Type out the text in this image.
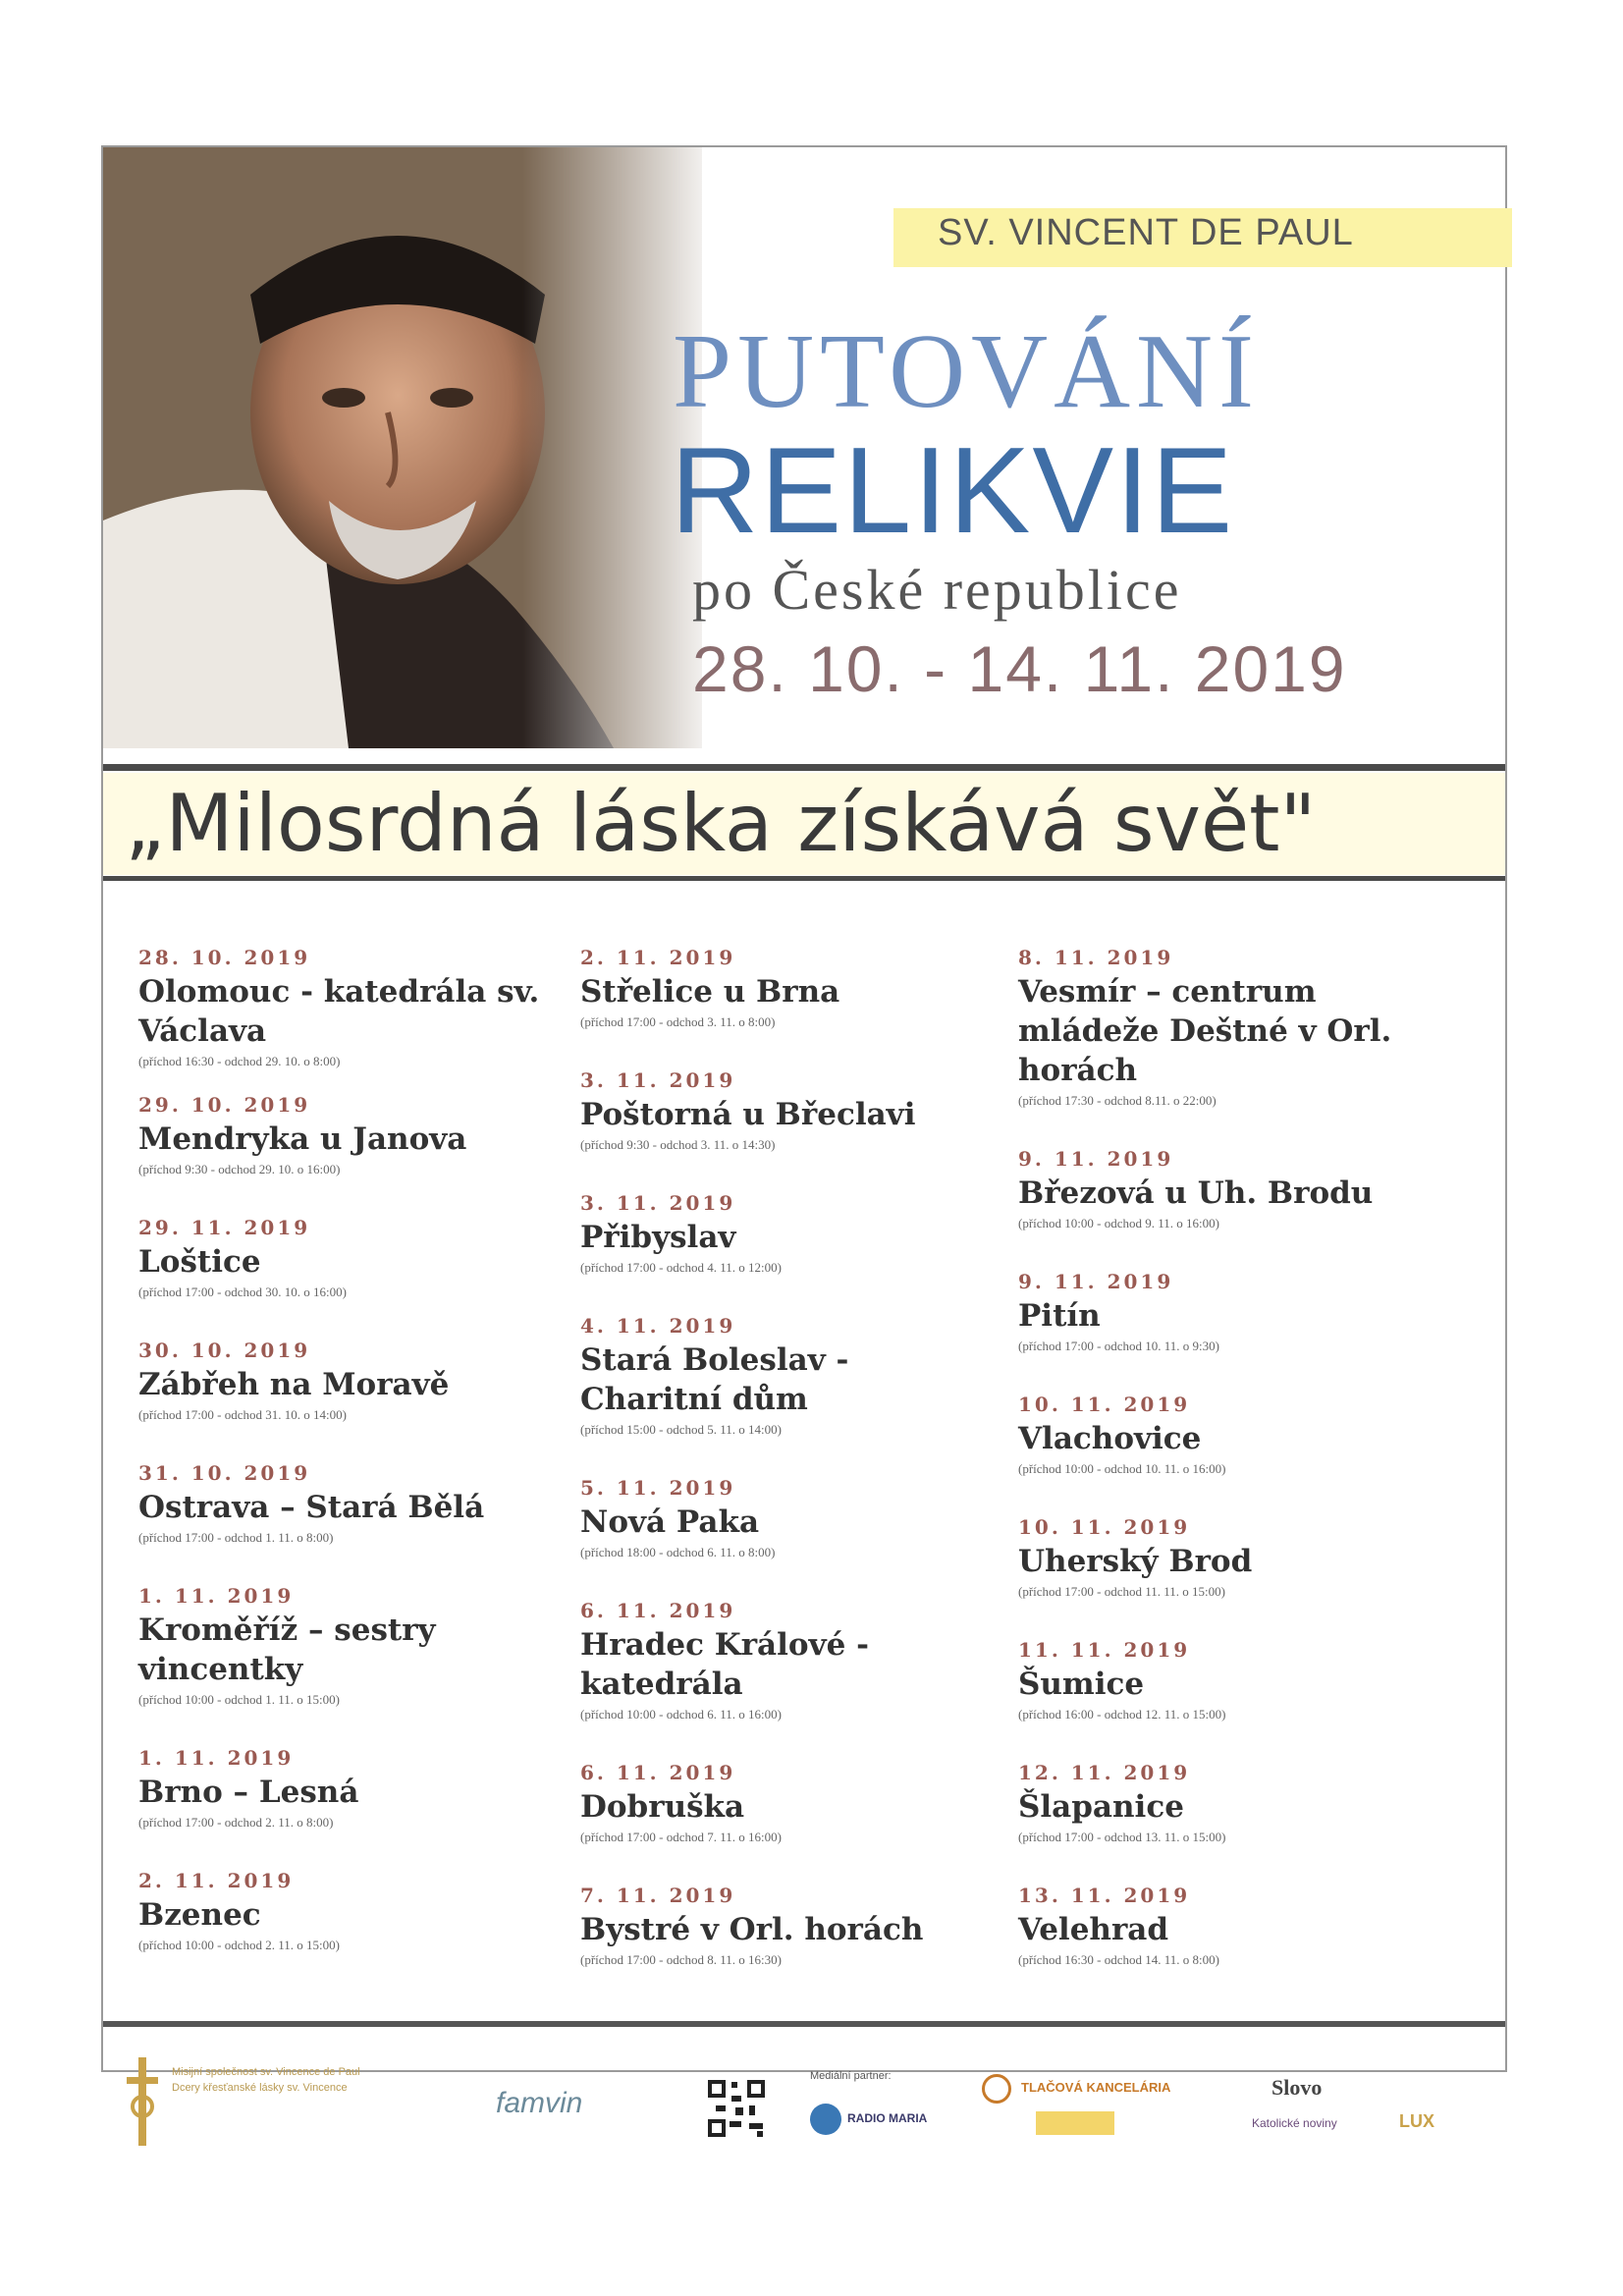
SV. VINCENT DE PAUL
PUTOVÁNÍ
RELIKVIE
po České republice
28. 10. - 14. 11. 2019
„Milosrdná láska získává svět"
28. 10. 2019
Olomouc - katedrála sv. Václava
(příchod 16:30 - odchod 29. 10. o 8:00)
29. 10. 2019
Mendryka u Janova
(příchod 9:30 - odchod 29. 10. o 16:00)
29. 11. 2019
Loštice
(příchod 17:00 - odchod 30. 10. o 16:00)
30. 10. 2019
Zábřeh na Moravě
(příchod 17:00 - odchod 31. 10. o 14:00)
31. 10. 2019
Ostrava – Stará Bělá
(příchod 17:00 - odchod 1. 11. o 8:00)
1. 11. 2019
Kroměříž – sestry vincentky
(příchod 10:00 - odchod 1. 11. o 15:00)
1. 11. 2019
Brno – Lesná
(příchod 17:00 - odchod 2. 11. o 8:00)
2. 11. 2019
Bzenec
(příchod 10:00 - odchod 2. 11. o 15:00)
2. 11. 2019
Střelice u Brna
(příchod 17:00 - odchod 3. 11. o 8:00)
3. 11. 2019
Poštorná u Břeclavi
(příchod 9:30 - odchod 3. 11. o 14:30)
3. 11. 2019
Přibyslav
(příchod 17:00 - odchod 4. 11. o 12:00)
4. 11. 2019
Stará Boleslav - Charitní dům
(příchod 15:00 - odchod 5. 11. o 14:00)
5. 11. 2019
Nová Paka
(příchod 18:00 - odchod 6. 11. o 8:00)
6. 11. 2019
Hradec Králové - katedrála
(příchod 10:00 - odchod 6. 11. o 16:00)
6. 11. 2019
Dobruška
(příchod 17:00 - odchod 7. 11. o 16:00)
7. 11. 2019
Bystré v Orl. horách
(příchod 17:00 - odchod 8. 11. o 16:30)
8. 11. 2019
Vesmír – centrum mládeže Deštné v Orl. horách
(příchod 17:30 - odchod 8.11. o 22:00)
9. 11. 2019
Březová u Uh. Brodu
(příchod 10:00 - odchod 9. 11. o 16:00)
9. 11. 2019
Pitín
(příchod 17:00 - odchod 10. 11. o 9:30)
10. 11. 2019
Vlachovice
(příchod 10:00 - odchod 10. 11. o 16:00)
10. 11. 2019
Uherský Brod
(příchod 17:00 - odchod 11. 11. o 15:00)
11. 11. 2019
Šumice
(příchod 16:00 - odchod 12. 11. o 15:00)
12. 11. 2019
Šlapanice
(příchod 17:00 - odchod 13. 11. o 15:00)
13. 11. 2019
Velehrad
(příchod 16:30 - odchod 14. 11. o 8:00)
Misijní společnost sv. Vincence de Paul
Dcery křesťanské lásky sv. Vincence	famvin
Mediální partner:
RADIO MARIA
TLAČOVÁ KANCELÁRIA	Slovo
Katolické noviny	LUX
